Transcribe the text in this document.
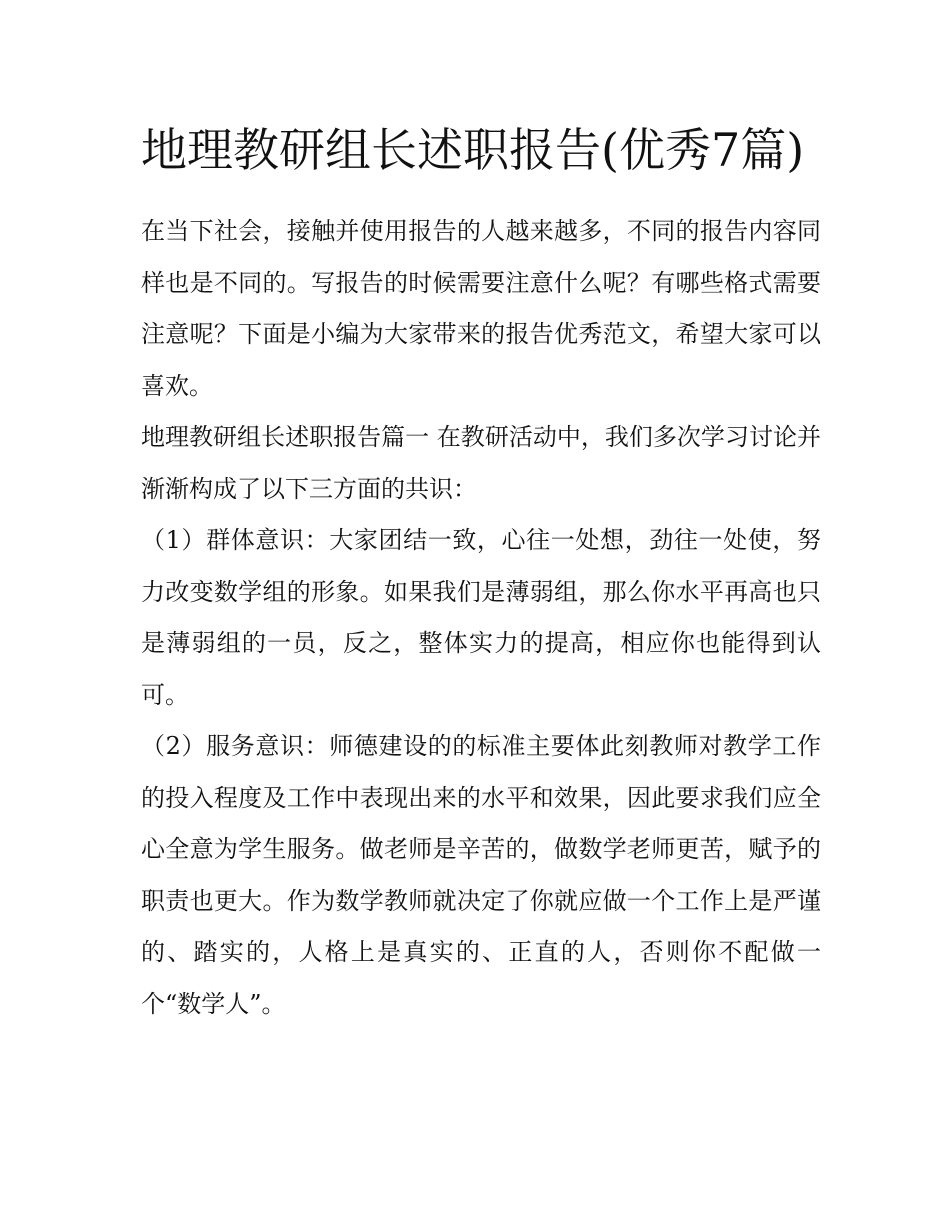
地理教研组长述职报告(优秀7篇)

在当下社会，接触并使用报告的人越来越多，不同的报告内容同样也是不同的。写报告的时候需要注意什么呢？有哪些格式需要注意呢？下面是小编为大家带来的报告优秀范文，希望大家可以喜欢。

地理教研组长述职报告篇一 在教研活动中，我们多次学习讨论并渐渐构成了以下三方面的共识：

（1）群体意识：大家团结一致，心往一处想，劲往一处使，努力改变数学组的形象。如果我们是薄弱组，那么你水平再高也只是薄弱组的一员，反之，整体实力的提高，相应你也能得到认可。

（2）服务意识：师德建设的的标准主要体此刻教师对教学工作的投入程度及工作中表现出来的水平和效果，因此要求我们应全心全意为学生服务。做老师是辛苦的，做数学老师更苦，赋予的职责也更大。作为数学教师就决定了你就应做一个工作上是严谨的、踏实的，人格上是真实的、正直的人，否则你不配做一个“数学人”。
